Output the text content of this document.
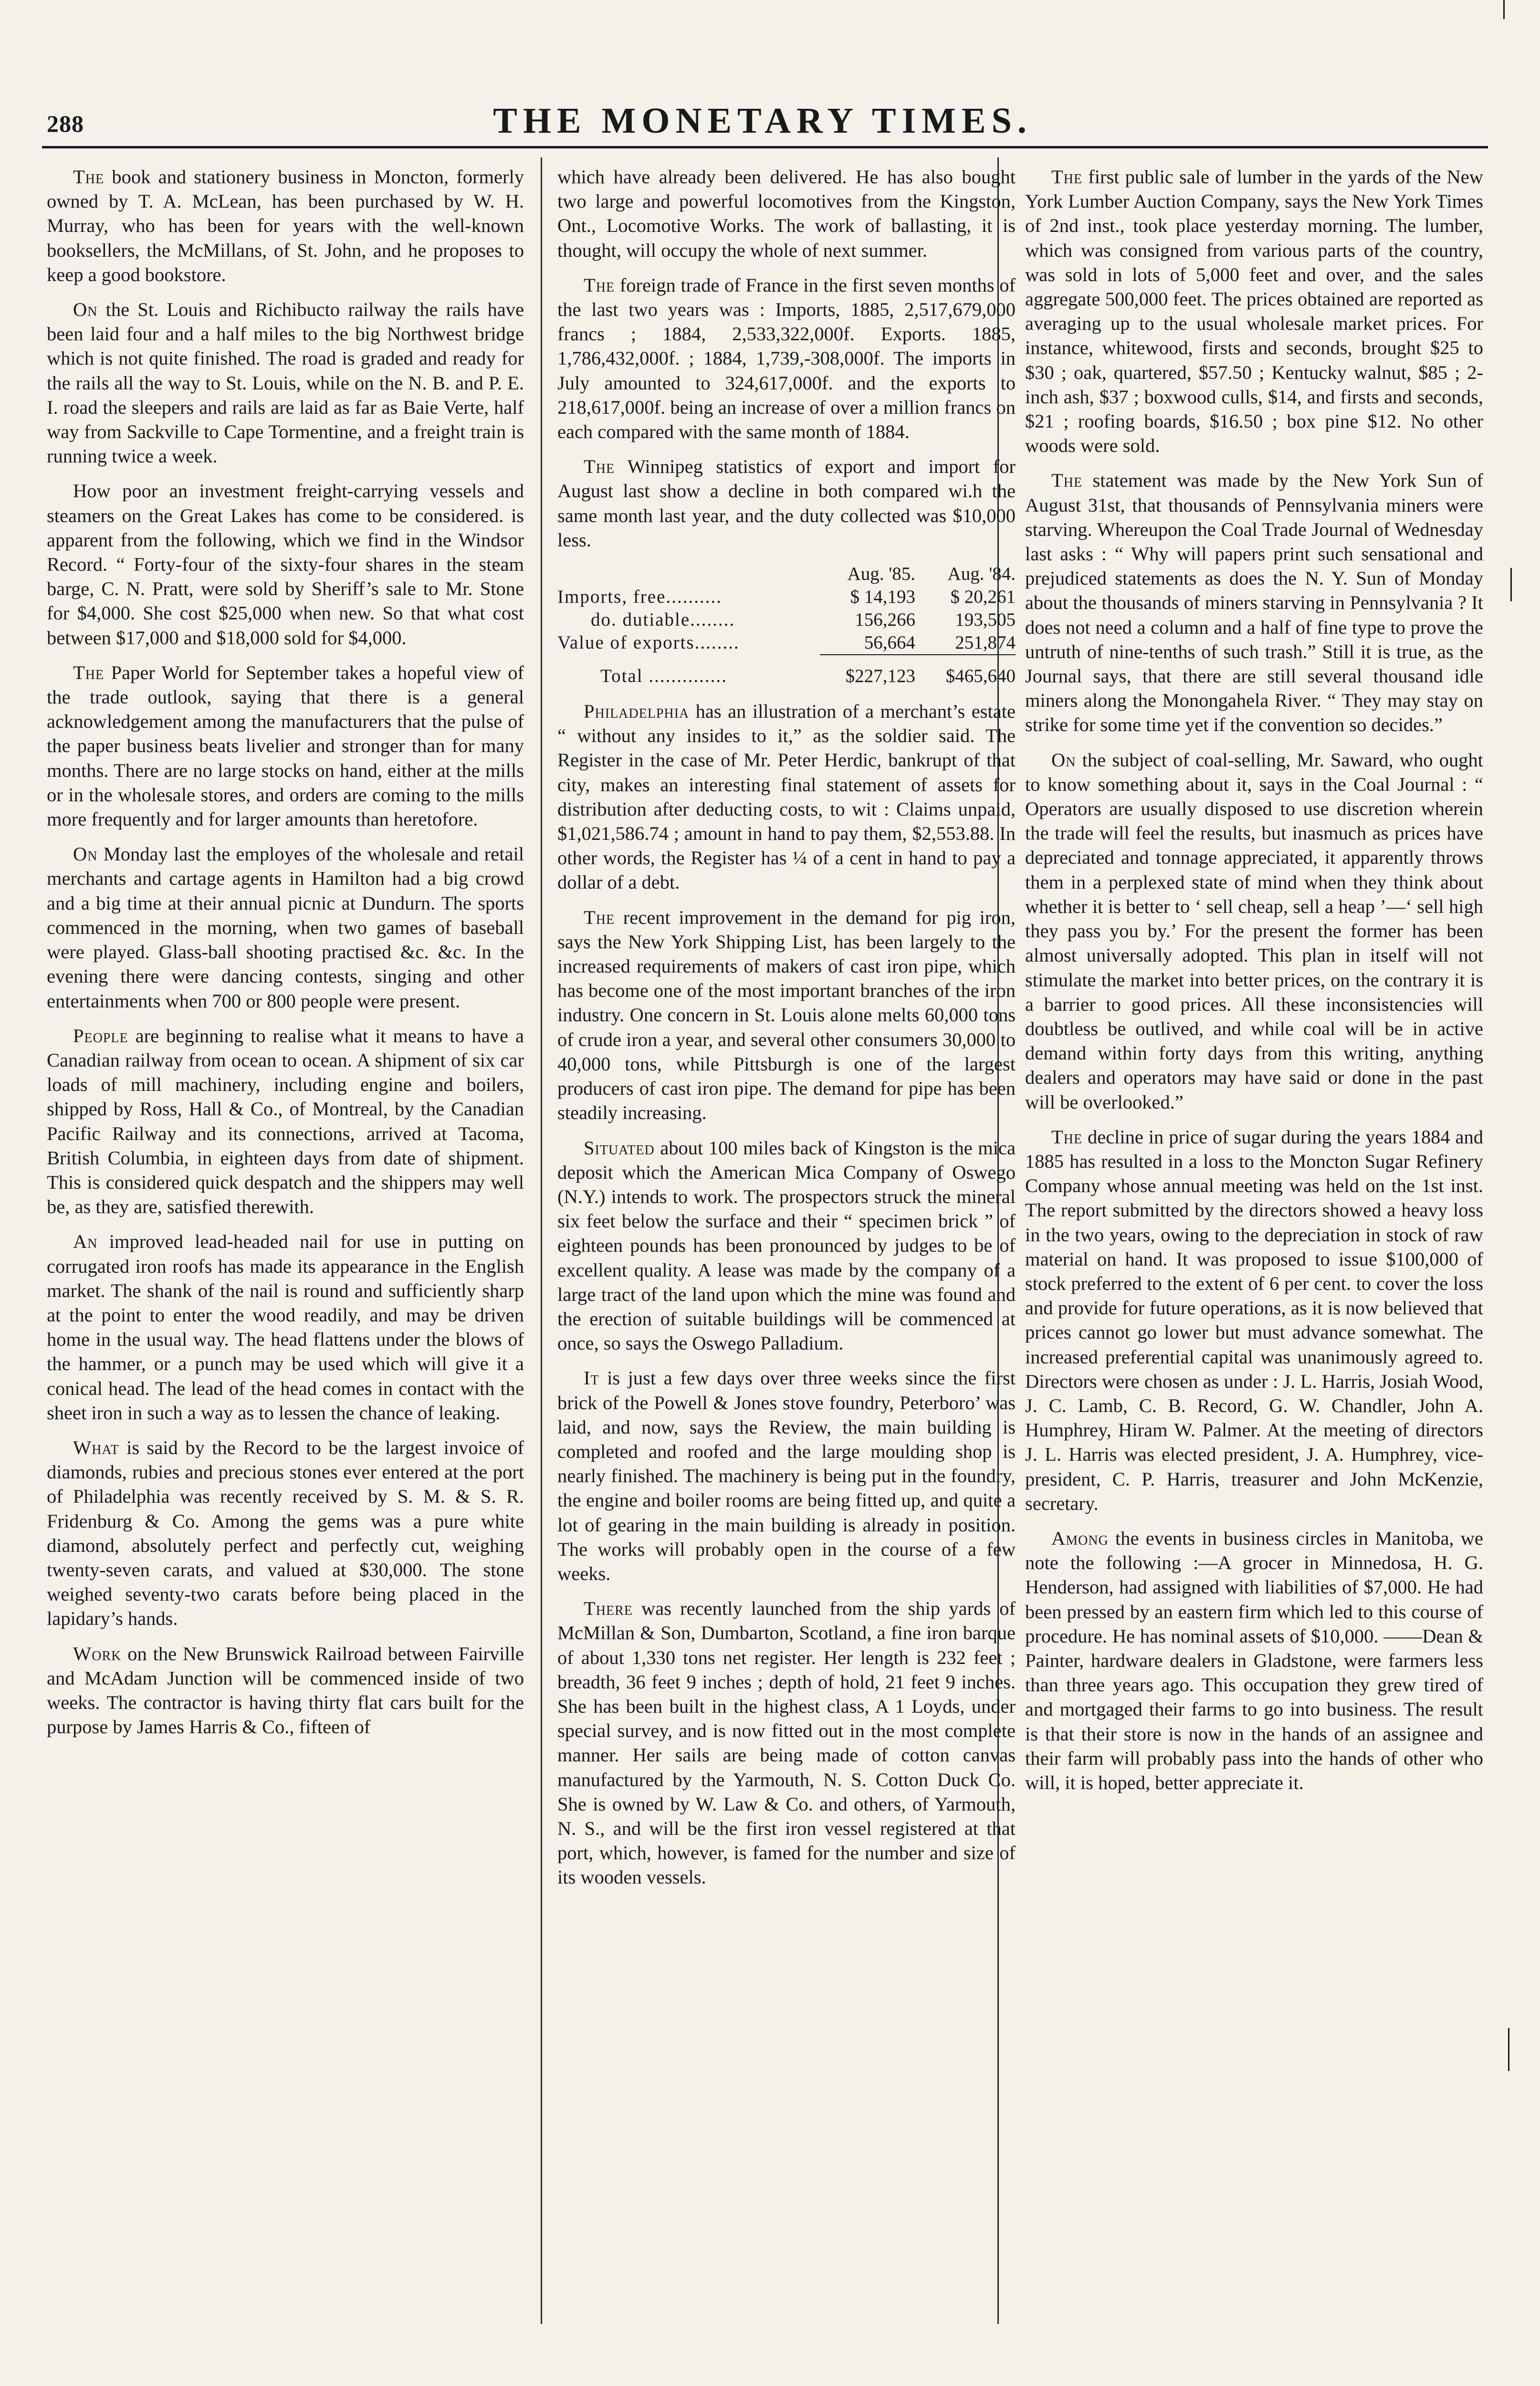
288	THE MONETARY TIMES.

The book and stationery business in Moncton, formerly owned by T. A. McLean, has been purchased by W. H. Murray, who has been for years with the well-known booksellers, the McMillans, of St. John, and he proposes to keep a good bookstore.

On the St. Louis and Richibucto railway the rails have been laid four and a half miles to the big Northwest bridge which is not quite finished. The road is graded and ready for the rails all the way to St. Louis, while on the N. B. and P. E. I. road the sleepers and rails are laid as far as Baie Verte, half way from Sackville to Cape Tormentine, and a freight train is running twice a week.

How poor an investment freight-carrying vessels and steamers on the Great Lakes has come to be considered. is apparent from the following, which we find in the Windsor Record. “ Forty-four of the sixty-four shares in the steam barge, C. N. Pratt, were sold by Sheriff’s sale to Mr. Stone for $4,000. She cost $25,000 when new. So that what cost between $17,000 and $18,000 sold for $4,000.

The Paper World for September takes a hopeful view of the trade outlook, saying that there is a general acknowledgement among the manufacturers that the pulse of the paper business beats livelier and stronger than for many months. There are no large stocks on hand, either at the mills or in the wholesale stores, and orders are coming to the mills more frequently and for larger amounts than heretofore.

On Monday last the employes of the wholesale and retail merchants and cartage agents in Hamilton had a big crowd and a big time at their annual picnic at Dundurn. The sports commenced in the morning, when two games of baseball were played. Glass-ball shooting practised &c. &c. In the evening there were dancing contests, singing and other entertainments when 700 or 800 people were present.

People are beginning to realise what it means to have a Canadian railway from ocean to ocean. A shipment of six car loads of mill machinery, including engine and boilers, shipped by Ross, Hall & Co., of Montreal, by the Canadian Pacific Railway and its connections, arrived at Tacoma, British Columbia, in eighteen days from date of shipment. This is considered quick despatch and the shippers may well be, as they are, satisfied therewith.

An improved lead-headed nail for use in putting on corrugated iron roofs has made its appearance in the English market. The shank of the nail is round and sufficiently sharp at the point to enter the wood readily, and may be driven home in the usual way. The head flattens under the blows of the hammer, or a punch may be used which will give it a conical head. The lead of the head comes in contact with the sheet iron in such a way as to lessen the chance of leaking.

What is said by the Record to be the largest invoice of diamonds, rubies and precious stones ever entered at the port of Philadelphia was recently received by S. M. & S. R. Fridenburg & Co. Among the gems was a pure white diamond, absolutely perfect and perfectly cut, weighing twenty-seven carats, and valued at $30,000. The stone weighed seventy-two carats before being placed in the lapidary’s hands.

Work on the New Brunswick Railroad between Fairville and McAdam Junction will be commenced inside of two weeks. The contractor is having thirty flat cars built for the purpose by James Harris & Co., fifteen of

which have already been delivered. He has also bought two large and powerful locomotives from the Kingston, Ont., Locomotive Works. The work of ballasting, it is thought, will occupy the whole of next summer.

The foreign trade of France in the first seven months of the last two years was : Imports, 1885, 2,517,679,000 francs ; 1884, 2,533,322,000f. Exports. 1885, 1,786,432,000f. ; 1884, 1,739,-308,000f. The imports in July amounted to 324,617,000f. and the exports to 218,617,000f. being an increase of over a million francs on each compared with the same month of 1884.

The Winnipeg statistics of export and import for August last show a decline in both compared wi.h the same month last year, and the duty collected was $10,000 less.

Aug. '85.	Aug. '84.
Imports, free..........	$ 14,193	$ 20,261
do. dutiable........	156,266	193,505
Value of exports........	56,664	251,874
Total ..............	$227,123	$465,640

Philadelphia has an illustration of a merchant’s estate “ without any insides to it,” as the soldier said. The Register in the case of Mr. Peter Herdic, bankrupt of that city, makes an interesting final statement of assets for distribution after deducting costs, to wit : Claims unpaid, $1,021,586.74 ; amount in hand to pay them, $2,553.88. In other words, the Register has ¼ of a cent in hand to pay a dollar of a debt.

The recent improvement in the demand for pig iron, says the New York Shipping List, has been largely to the increased requirements of makers of cast iron pipe, which has become one of the most important branches of the iron industry. One concern in St. Louis alone melts 60,000 tons of crude iron a year, and several other consumers 30,000 to 40,000 tons, while Pittsburgh is one of the largest producers of cast iron pipe. The demand for pipe has been steadily increasing.

Situated about 100 miles back of Kingston is the mica deposit which the American Mica Company of Oswego (N.Y.) intends to work. The prospectors struck the mineral six feet below the surface and their “ specimen brick ” of eighteen pounds has been pronounced by judges to be of excellent quality. A lease was made by the company of a large tract of the land upon which the mine was found and the erection of suitable buildings will be commenced at once, so says the Oswego Palladium.

It is just a few days over three weeks since the first brick of the Powell & Jones stove foundry, Peterboro’ was laid, and now, says the Review, the main building is completed and roofed and the large moulding shop is nearly finished. The machinery is being put in the foundry, the engine and boiler rooms are being fitted up, and quite a lot of gearing in the main building is already in position. The works will probably open in the course of a few weeks.

There was recently launched from the ship yards of McMillan & Son, Dumbarton, Scotland, a fine iron barque of about 1,330 tons net register. Her length is 232 feet ; breadth, 36 feet 9 inches ; depth of hold, 21 feet 9 inches. She has been built in the highest class, A 1 Loyds, under special survey, and is now fitted out in the most complete manner. Her sails are being made of cotton canvas manufactured by the Yarmouth, N. S. Cotton Duck Co. She is owned by W. Law & Co. and others, of Yarmouth, N. S., and will be the first iron vessel registered at that port, which, however, is famed for the number and size of its wooden vessels.

The first public sale of lumber in the yards of the New York Lumber Auction Company, says the New York Times of 2nd inst., took place yesterday morning. The lumber, which was consigned from various parts of the country, was sold in lots of 5,000 feet and over, and the sales aggregate 500,000 feet. The prices obtained are reported as averaging up to the usual wholesale market prices. For instance, whitewood, firsts and seconds, brought $25 to $30 ; oak, quartered, $57.50 ; Kentucky walnut, $85 ; 2-inch ash, $37 ; boxwood culls, $14, and firsts and seconds, $21 ; roofing boards, $16.50 ; box pine $12. No other woods were sold.

The statement was made by the New York Sun of August 31st, that thousands of Pennsylvania miners were starving. Whereupon the Coal Trade Journal of Wednesday last asks : “ Why will papers print such sensational and prejudiced statements as does the N. Y. Sun of Monday about the thousands of miners starving in Pennsylvania ? It does not need a column and a half of fine type to prove the untruth of nine-tenths of such trash.” Still it is true, as the Journal says, that there are still several thousand idle miners along the Monongahela River. “ They may stay on strike for some time yet if the convention so decides.”

On the subject of coal-selling, Mr. Saward, who ought to know something about it, says in the Coal Journal : “ Operators are usually disposed to use discretion wherein the trade will feel the results, but inasmuch as prices have depreciated and tonnage appreciated, it apparently throws them in a perplexed state of mind when they think about whether it is better to ‘ sell cheap, sell a heap ’—‘ sell high they pass you by.’ For the present the former has been almost universally adopted. This plan in itself will not stimulate the market into better prices, on the contrary it is a barrier to good prices. All these inconsistencies will doubtless be outlived, and while coal will be in active demand within forty days from this writing, anything dealers and operators may have said or done in the past will be overlooked.”

The decline in price of sugar during the years 1884 and 1885 has resulted in a loss to the Moncton Sugar Refinery Company whose annual meeting was held on the 1st inst. The report submitted by the directors showed a heavy loss in the two years, owing to the depreciation in stock of raw material on hand. It was proposed to issue $100,000 of stock preferred to the extent of 6 per cent. to cover the loss and provide for future operations, as it is now believed that prices cannot go lower but must advance somewhat. The increased preferential capital was unanimously agreed to. Directors were chosen as under : J. L. Harris, Josiah Wood, J. C. Lamb, C. B. Record, G. W. Chandler, John A. Humphrey, Hiram W. Palmer. At the meeting of directors J. L. Harris was elected president, J. A. Humphrey, vice-president, C. P. Harris, treasurer and John McKenzie, secretary.

Among the events in business circles in Manitoba, we note the following :—A grocer in Minnedosa, H. G. Henderson, had assigned with liabilities of $7,000. He had been pressed by an eastern firm which led to this course of procedure. He has nominal assets of $10,000. ——Dean & Painter, hardware dealers in Gladstone, were farmers less than three years ago. This occupation they grew tired of and mortgaged their farms to go into business. The result is that their store is now in the hands of an assignee and their farm will probably pass into the hands of other who will, it is hoped, better appreciate it.
